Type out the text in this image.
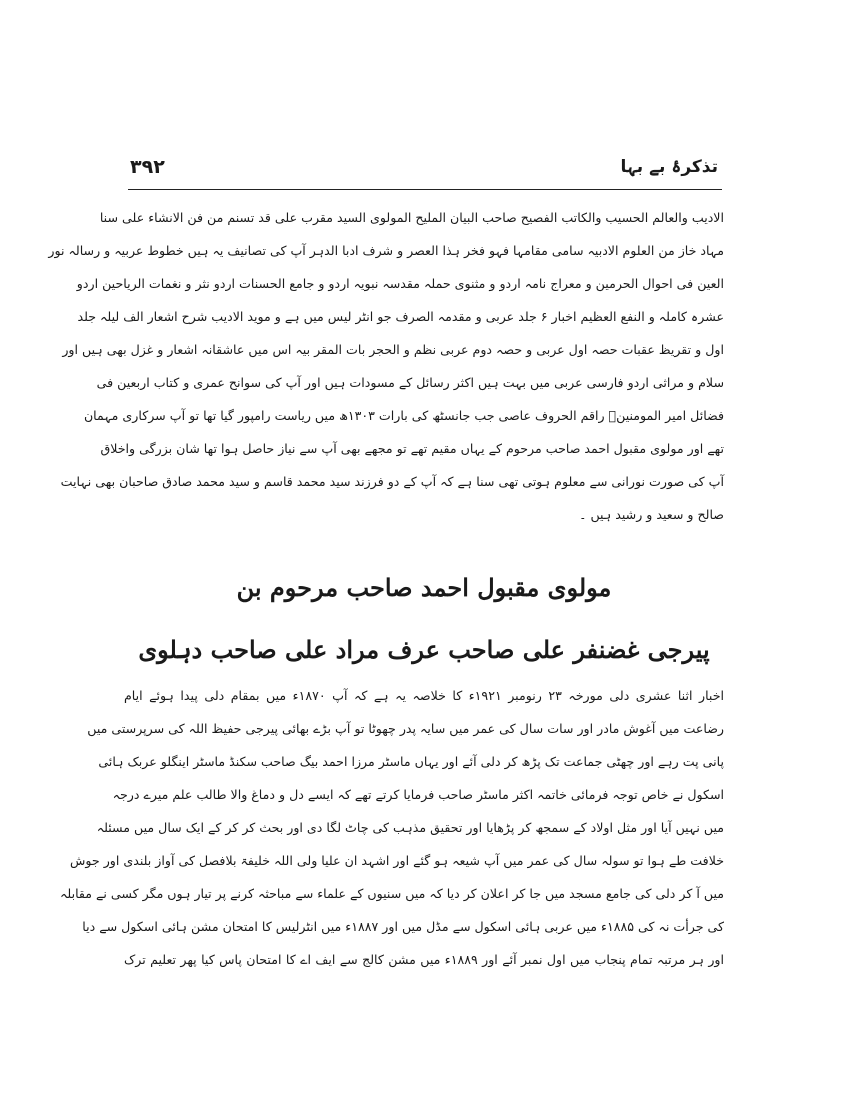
۳۹۲	تذکرۂ بے بہا
الادیب والعالم الحسیب والکاتب الفصیح صاحب البیان الملیح المولوی السید مقرب علی قد تسنم من فن الانشاء علی سنا
مہاد خاز من العلوم الادبیہ سامی مقامہا فہو فخر ہذا العصر و شرف ادبا الدہر آپ کی تصانیف یہ ہیں خطوط عربیہ و رسالہ نور
العین فی احوال الحرمین و معراج نامہ اردو و مثنوی حملہ مقدسہ نبویہ اردو و جامع الحسنات اردو نثر و نغمات الریاحین اردو
عشرہ کاملہ و النفع العظیم اخبار ۶ جلد عربی و مقدمہ الصرف جو انٹر لیس میں ہے و موید الادیب شرح اشعار الف لیلہ جلد
اول و تقریظ عقبات حصہ اول عربی و حصہ دوم عربی نظم و الحجر بات المقر بیہ اس میں عاشقانہ اشعار و غزل بھی ہیں اور
سلام و مراثی اردو فارسی عربی میں بہت ہیں اکثر رسائل کے مسودات ہیں اور آپ کی سوانح عمری و کتاب اربعین فی
فضائل امیر المومنینؑ راقم الحروف عاصی جب جانسٹھ کی بارات ۱۳۰۳ھ میں ریاست رامپور گیا تھا تو آپ سرکاری مہمان
تھے اور مولوی مقبول احمد صاحب مرحوم کے یہاں مقیم تھے تو مجھے بھی آپ سے نیاز حاصل ہوا تھا شان بزرگی واخلاق
آپ کی صورت نورانی سے معلوم ہوتی تھی سنا ہے کہ آپ کے دو فرزند سید محمد قاسم و سید محمد صادق صاحبان بھی نہایت
صالح و سعید و رشید ہیں ۔
مولوی مقبول احمد صاحب مرحوم بن
پیرجی غضنفر علی صاحب عرف مراد علی صاحب دہلوی
اخبار اثنا عشری دلی مورخہ ۲۳ رنومبر ۱۹۲۱ء کا خلاصہ یہ ہے کہ آپ ۱۸۷۰ء میں بمقام دلی پیدا ہوئے ایام
رضاعت میں آغوش مادر اور سات سال کی عمر میں سایہ پدر چھوٹا تو آپ بڑے بھائی پیرجی حفیظ اللہ کی سرپرستی میں
پانی پت رہے اور چھٹی جماعت تک پڑھ کر دلی آئے اور یہاں ماسٹر مرزا احمد بیگ صاحب سکنڈ ماسٹر اینگلو عربک ہائی
اسکول نے خاص توجہ فرمائی خاتمہ اکثر ماسٹر صاحب فرمایا کرتے تھے کہ ایسے دل و دماغ والا طالب علم میرے درجہ
میں نہیں آیا اور مثل اولاد کے سمجھ کر پڑھایا اور تحقیق مذہب کی چاٹ لگا دی اور بحث کر کر کے ایک سال میں مسئلہ
خلافت طے ہوا تو سولہ سال کی عمر میں آپ شیعہ ہو گئے اور اشہد ان علیا ولی اللہ خلیفۃ بلافصل کی آواز بلندی اور جوش
میں آ کر دلی کی جامع مسجد میں جا کر اعلان کر دیا کہ میں سنیوں کے علماء سے مباحثہ کرنے پر تیار ہوں مگر کسی نے مقابلہ
کی جرأت نہ کی ۱۸۸۵ء میں عربی ہائی اسکول سے مڈل میں اور ۱۸۸۷ء میں انٹرلیس کا امتحان مشن ہائی اسکول سے دیا
اور ہر مرتبہ تمام پنجاب میں اول نمبر آئے اور ۱۸۸۹ء میں مشن کالج سے ایف اے کا امتحان پاس کیا پھر تعلیم ترک
